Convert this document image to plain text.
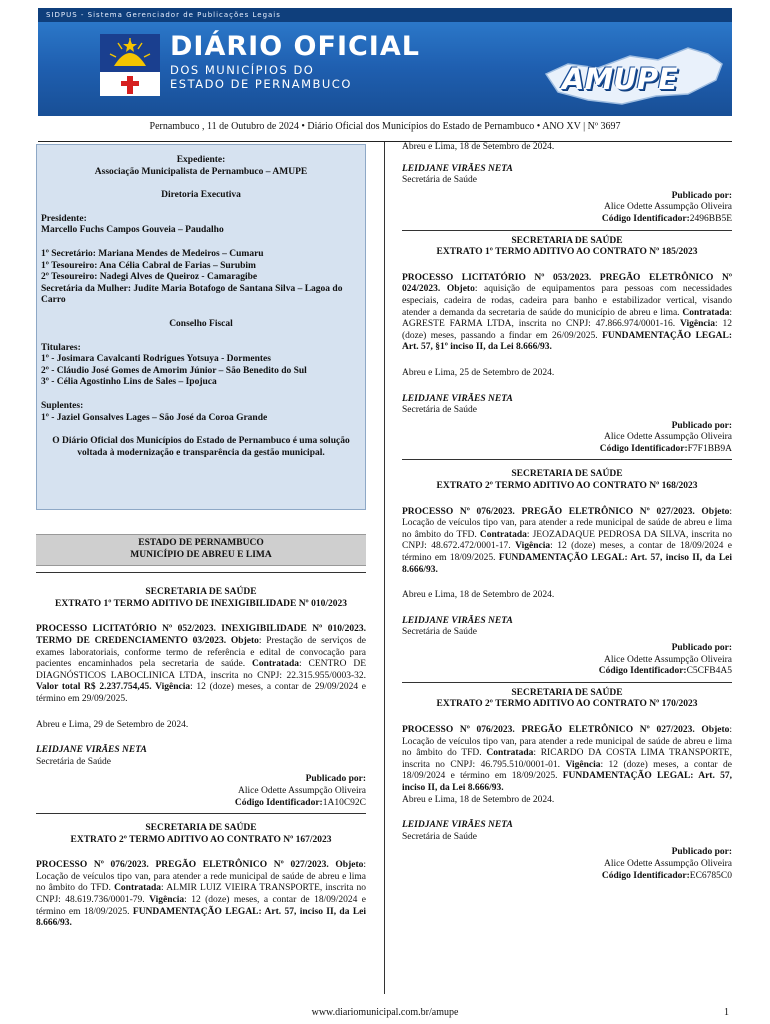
SIDPUS - Sistema Gerenciador de Publicações Legais
DIÁRIO OFICIAL
DOS MUNICÍPIOS DO
ESTADO DE PERNAMBUCO	AMUPE
Pernambuco , 11 de Outubro de 2024 • Diário Oficial dos Municípios do Estado de Pernambuco • ANO XV | Nº 3697
Expediente:
Associação Municipalista de Pernambuco – AMUPE
Diretoria Executiva
Presidente:
Marcello Fuchs Campos Gouveia – Paudalho
1º Secretário: Mariana Mendes de Medeiros – Cumaru
1º Tesoureiro: Ana Célia Cabral de Farias – Surubim
2º Tesoureiro: Nadegi Alves de Queiroz - Camaragibe
Secretária da Mulher: Judite Maria Botafogo de Santana Silva – Lagoa do Carro
Conselho Fiscal
Titulares:
1º - Josimara Cavalcanti Rodrigues Yotsuya - Dormentes
2º - Cláudio José Gomes de Amorim Júnior – São Benedito do Sul
3º - Célia Agostinho Lins de Sales – Ipojuca
Suplentes:
1º - Jaziel Gonsalves Lages – São José da Coroa Grande
O Diário Oficial dos Municípios do Estado de Pernambuco é uma solução voltada à modernização e transparência da gestão municipal.
ESTADO DE PERNAMBUCO
MUNICÍPIO DE ABREU E LIMA
SECRETARIA DE SAÚDE
EXTRATO 1º TERMO ADITIVO DE INEXIGIBILIDADE Nº 010/2023
PROCESSO LICITATÓRIO Nº 052/2023. INEXIGIBILIDADE Nº 010/2023. TERMO DE CREDENCIAMENTO 03/2023. Objeto: Prestação de serviços de exames laboratoriais, conforme termo de referência e edital de convocação para pacientes encaminhados pela secretaria de saúde. Contratada: CENTRO DE DIAGNÓSTICOS LABOCLINICA LTDA, inscrita no CNPJ: 22.315.955/0003-32. Valor total R$ 2.237.754,45. Vigência: 12 (doze) meses, a contar de 29/09/2024 e término em 29/09/2025.
Abreu e Lima, 29 de Setembro de 2024.
LEIDJANE VIRÃES NETA
Secretária de Saúde
Publicado por:
Alice Odette Assumpção Oliveira
Código Identificador:1A10C92C
SECRETARIA DE SAÚDE
EXTRATO 2º TERMO ADITIVO AO CONTRATO Nº 167/2023
PROCESSO Nº 076/2023. PREGÃO ELETRÔNICO Nº 027/2023. Objeto: Locação de veículos tipo van, para atender a rede municipal de saúde de abreu e lima no âmbito do TFD. Contratada: ALMIR LUIZ VIEIRA TRANSPORTE, inscrita no CNPJ: 48.619.736/0001-79. Vigência: 12 (doze) meses, a contar de 18/09/2024 e término em 18/09/2025. FUNDAMENTAÇÃO LEGAL: Art. 57, inciso II, da Lei 8.666/93.
Abreu e Lima, 18 de Setembro de 2024.
LEIDJANE VIRÃES NETA
Secretária de Saúde
Publicado por:
Alice Odette Assumpção Oliveira
Código Identificador:2496BB5E
SECRETARIA DE SAÚDE
EXTRATO 1º TERMO ADITIVO AO CONTRATO Nº 185/2023
PROCESSO LICITATÓRIO Nº 053/2023. PREGÃO ELETRÔNICO Nº 024/2023. Objeto: aquisição de equipamentos para pessoas com necessidades especiais, cadeira de rodas, cadeira para banho e estabilizador vertical, visando atender a demanda da secretaria de saúde do município de abreu e lima. Contratada: AGRESTE FARMA LTDA, inscrita no CNPJ: 47.866.974/0001-16. Vigência: 12 (doze) meses, passando a findar em 26/09/2025. FUNDAMENTAÇÃO LEGAL: Art. 57, §1º inciso II, da Lei 8.666/93.
Abreu e Lima, 25 de Setembro de 2024.
LEIDJANE VIRÃES NETA
Secretária de Saúde
Publicado por:
Alice Odette Assumpção Oliveira
Código Identificador:F7F1BB9A
SECRETARIA DE SAÚDE
EXTRATO 2º TERMO ADITIVO AO CONTRATO Nº 168/2023
PROCESSO Nº 076/2023. PREGÃO ELETRÔNICO Nº 027/2023. Objeto: Locação de veículos tipo van, para atender a rede municipal de saúde de abreu e lima no âmbito do TFD. Contratada: JEOZADAQUE PEDROSA DA SILVA, inscrita no CNPJ: 48.672.472/0001-17. Vigência: 12 (doze) meses, a contar de 18/09/2024 e término em 18/09/2025. FUNDAMENTAÇÃO LEGAL: Art. 57, inciso II, da Lei 8.666/93.
Abreu e Lima, 18 de Setembro de 2024.
LEIDJANE VIRÃES NETA
Secretária de Saúde
Publicado por:
Alice Odette Assumpção Oliveira
Código Identificador:C5CFB4A5
SECRETARIA DE SAÚDE
EXTRATO 2º TERMO ADITIVO AO CONTRATO Nº 170/2023
PROCESSO Nº 076/2023. PREGÃO ELETRÔNICO Nº 027/2023. Objeto: Locação de veículos tipo van, para atender a rede municipal de saúde de abreu e lima no âmbito do TFD. Contratada: RICARDO DA COSTA LIMA TRANSPORTE, inscrita no CNPJ: 46.795.510/0001-01. Vigência: 12 (doze) meses, a contar de 18/09/2024 e término em 18/09/2025. FUNDAMENTAÇÃO LEGAL: Art. 57, inciso II, da Lei 8.666/93.
Abreu e Lima, 18 de Setembro de 2024.
LEIDJANE VIRÃES NETA
Secretária de Saúde
Publicado por:
Alice Odette Assumpção Oliveira
Código Identificador:EC6785C0
www.diariomunicipal.com.br/amupe	1
